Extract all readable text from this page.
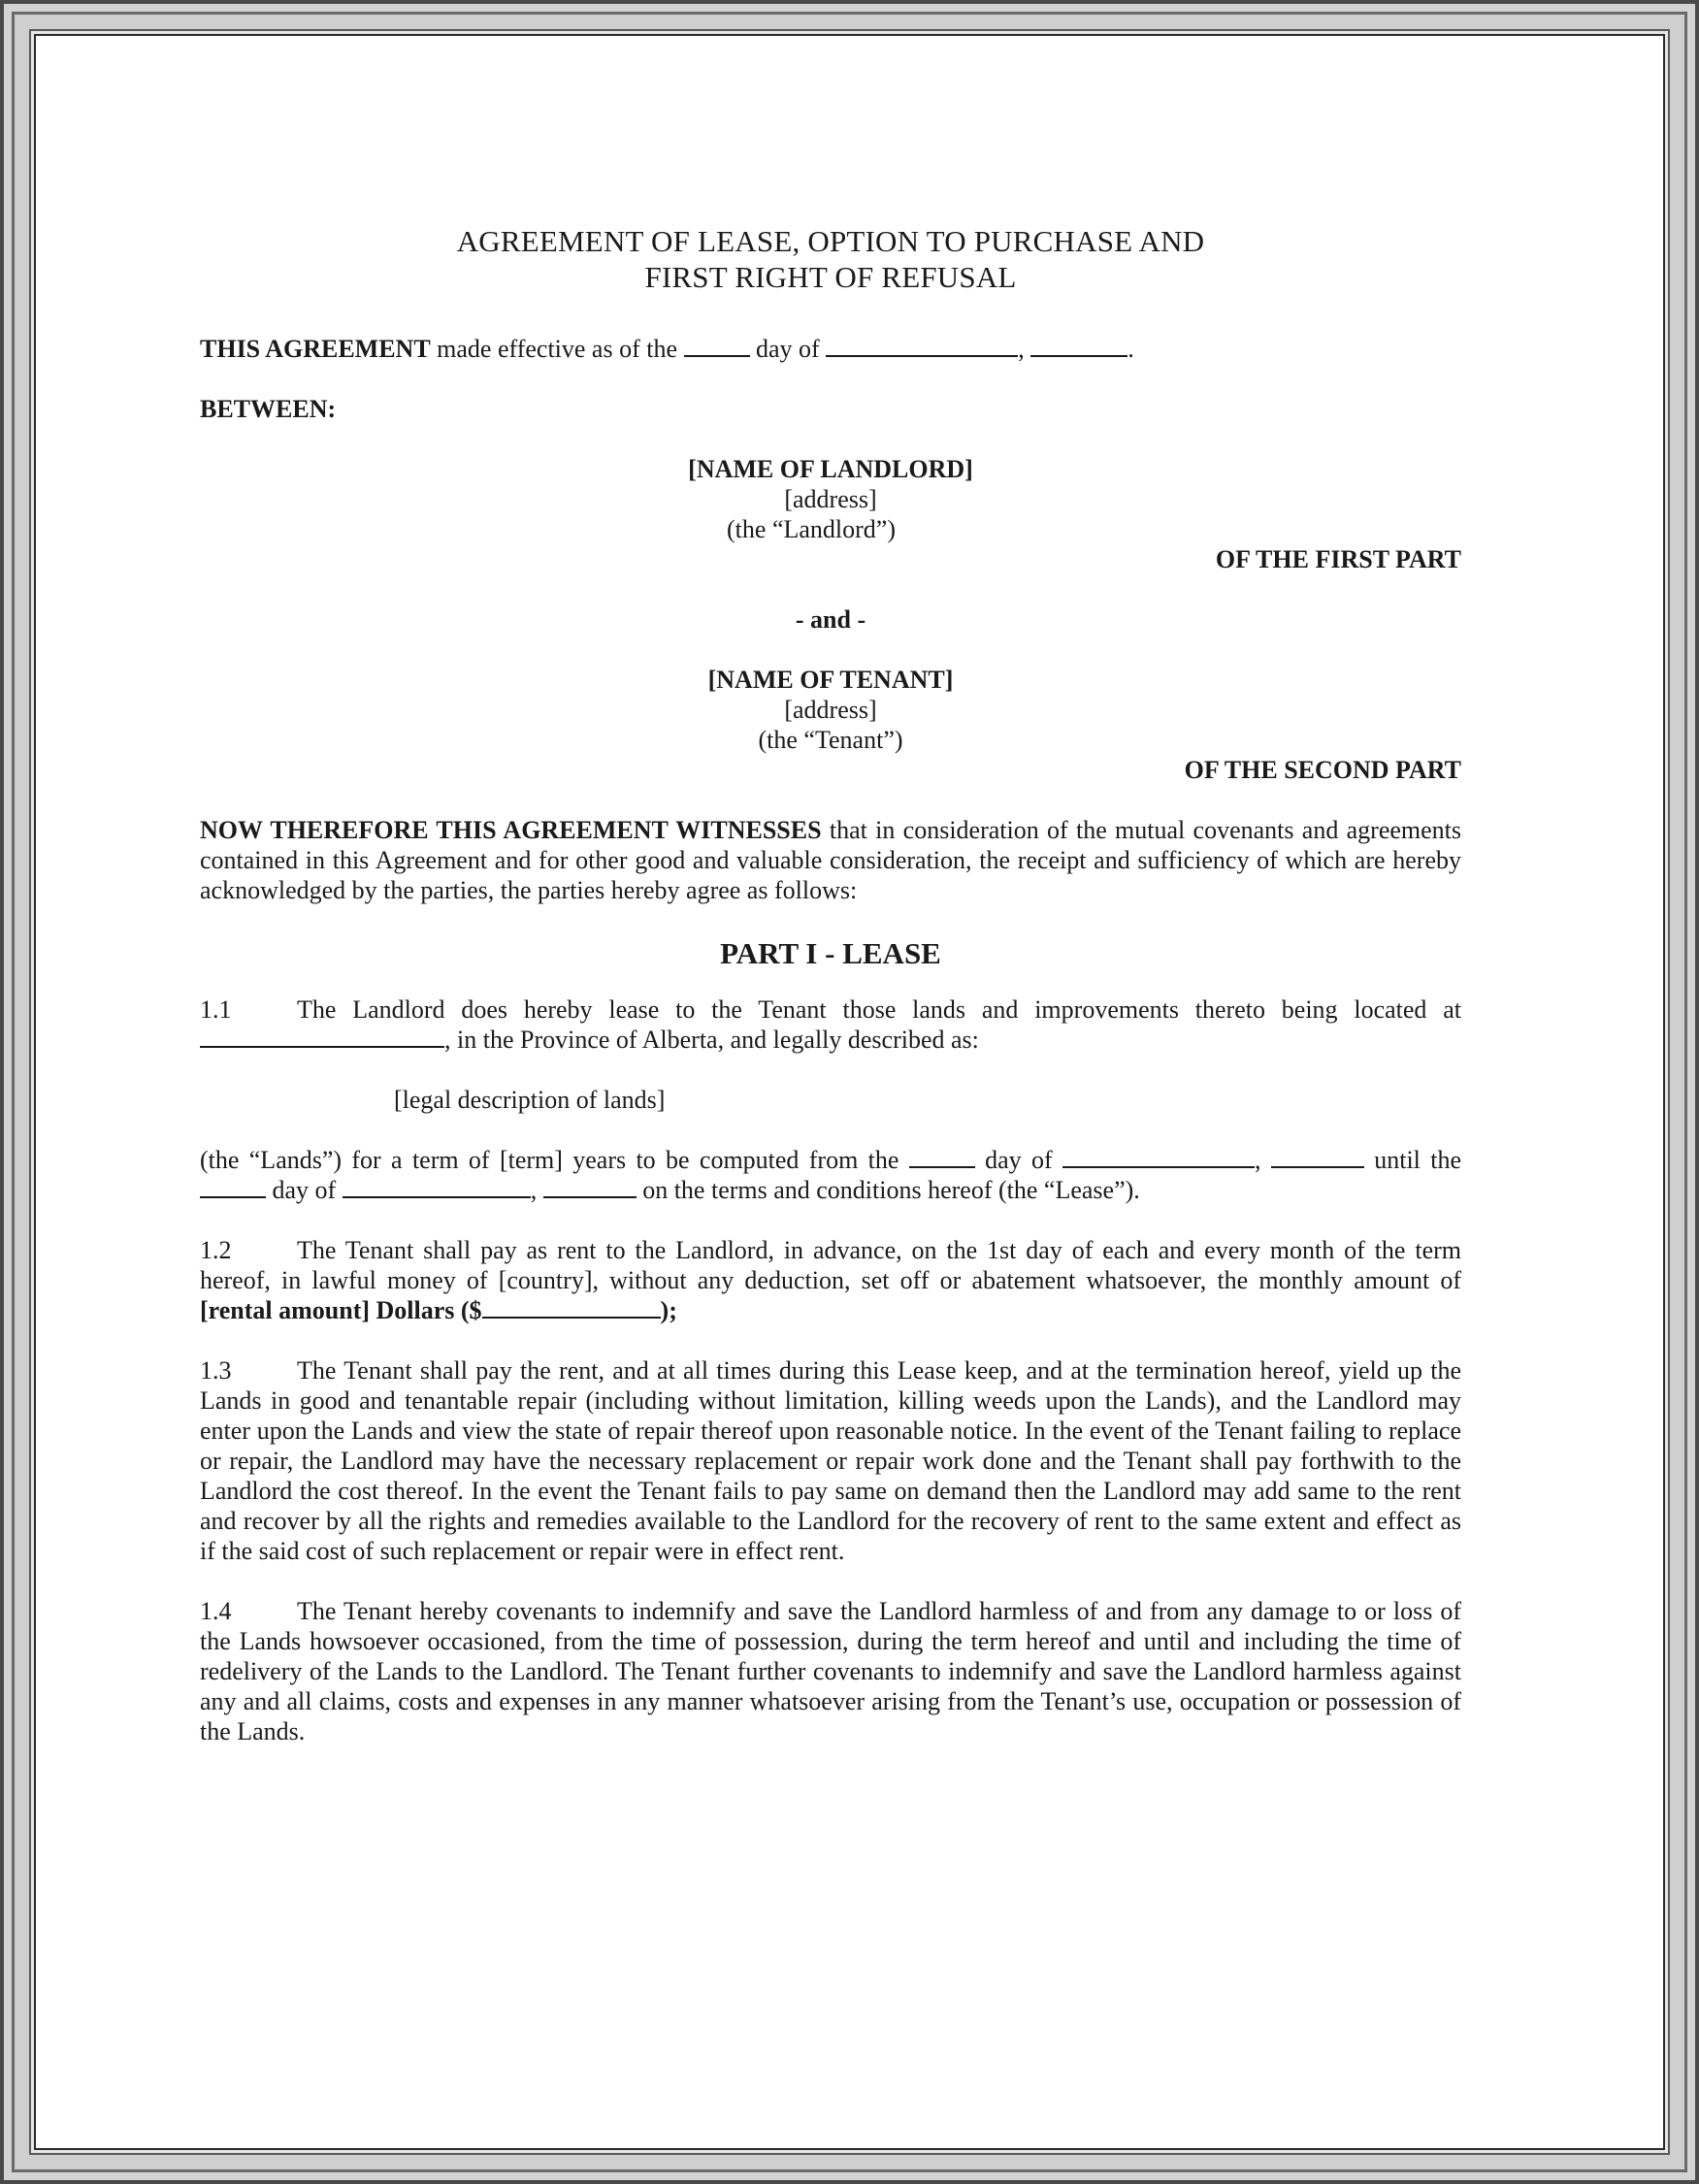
AGREEMENT OF LEASE, OPTION TO PURCHASE AND
FIRST RIGHT OF REFUSAL

THIS AGREEMENT made effective as of the	day of	,	.

BETWEEN:

[NAME OF LANDLORD]

[address]

(the “Landlord”)

OF THE FIRST PART

- and -

[NAME OF TENANT]

[address]

(the “Tenant”)

OF THE SECOND PART

NOW THEREFORE THIS AGREEMENT WITNESSES that in consideration of the mutual covenants and agreements contained in this Agreement and for other good and valuable consideration, the receipt and sufficiency of which are hereby acknowledged by the parties, the parties hereby agree as follows:

PART I - LEASE

1.1	The Landlord does hereby lease to the Tenant those lands and improvements thereto being located at , in the Province of Alberta, and legally described as:

[legal description of lands]

(the “Lands”) for a term of [term] years to be computed from the	day of	,	until the  day of	,	on the terms and conditions hereof (the “Lease”).

1.2	The Tenant shall pay as rent to the Landlord, in advance, on the 1st day of each and every month of the term hereof, in lawful money of [country], without any deduction, set off or abatement whatsoever, the monthly amount of [rental amount] Dollars ($	);

1.3	The Tenant shall pay the rent, and at all times during this Lease keep, and at the termination hereof, yield up the Lands in good and tenantable repair (including without limitation, killing weeds upon the Lands), and the Landlord may enter upon the Lands and view the state of repair thereof upon reasonable notice. In the event of the Tenant failing to replace or repair, the Landlord may have the necessary replacement or repair work done and the Tenant shall pay forthwith to the Landlord the cost thereof. In the event the Tenant fails to pay same on demand then the Landlord may add same to the rent and recover by all the rights and remedies available to the Landlord for the recovery of rent to the same extent and effect as if the said cost of such replacement or repair were in effect rent.

1.4	The Tenant hereby covenants to indemnify and save the Landlord harmless of and from any damage to or loss of the Lands howsoever occasioned, from the time of possession, during the term hereof and until and including the time of redelivery of the Lands to the Landlord. The Tenant further covenants to indemnify and save the Landlord harmless against any and all claims, costs and expenses in any manner whatsoever arising from the Tenant’s use, occupation or possession of the Lands.
